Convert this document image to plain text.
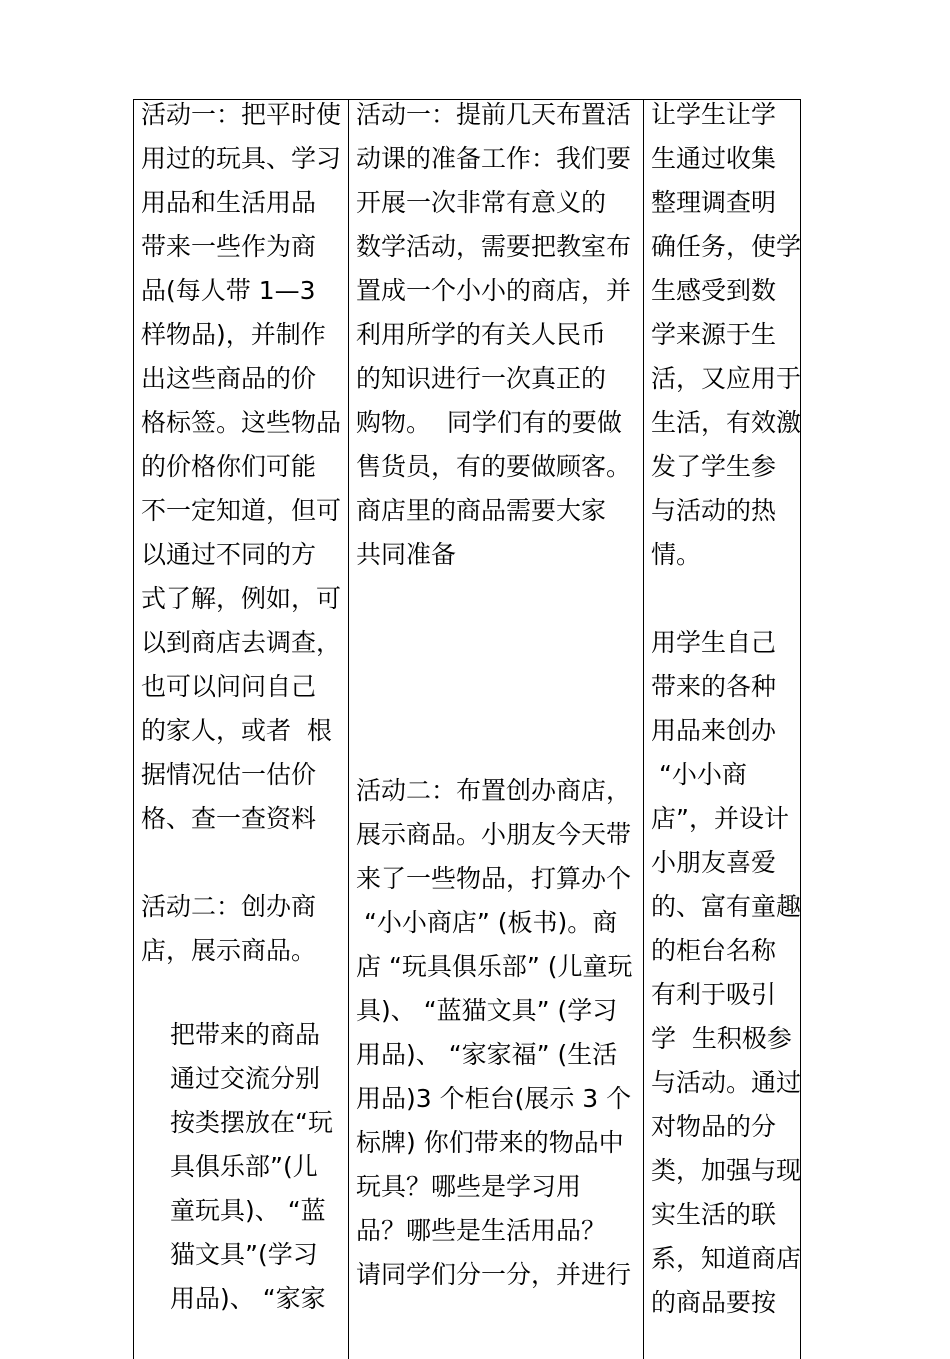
活动一：把平时使
用过的玩具、学习
用品和生活用品
带来一些作为商
品(每人带 1—3
样物品)，并制作
出这些商品的价
格标签。这些物品
的价格你们可能
不一定知道，但可
以通过不同的方
式了解，例如，可
以到商店去调查，
也可以问问自己
的家人，或者  根
据情况估一估价
格、查一查资料
活动二：创办商
店，展示商品。
把带来的商品
通过交流分别
按类摆放在“玩
具俱乐部”(儿
童玩具)、 “蓝
猫文具”(学习
用品)、 “家家
活动一：提前几天布置活
动课的准备工作：我们要
开展一次非常有意义的
数学活动，需要把教室布
置成一个小小的商店，并
利用所学的有关人民币
的知识进行一次真正的
购物。  同学们有的要做
售货员，有的要做顾客。
商店里的商品需要大家
共同准备
活动二：布置创办商店，
展示商品。小朋友今天带
来了一些物品，打算办个
“小小商店” (板书)。商
店 “玩具俱乐部” (儿童玩
具)、 “蓝猫文具” (学习
用品)、 “家家福” (生活
用品)3 个柜台(展示 3 个
标牌) 你们带来的物品中
玩具？哪些是学习用
品？哪些是生活用品？
请同学们分一分，并进行
让学生让学
生通过收集
整理调查明
确任务，使学
生感受到数
学来源于生
活，又应用于
生活，有效激
发了学生参
与活动的热
情。
用学生自己
带来的各种
用品来创办
“小小商
店”，并设计
小朋友喜爱
的、富有童趣
的柜台名称
有利于吸引
学  生积极参
与活动。通过
对物品的分
类，加强与现
实生活的联
系，知道商店
的商品要按
